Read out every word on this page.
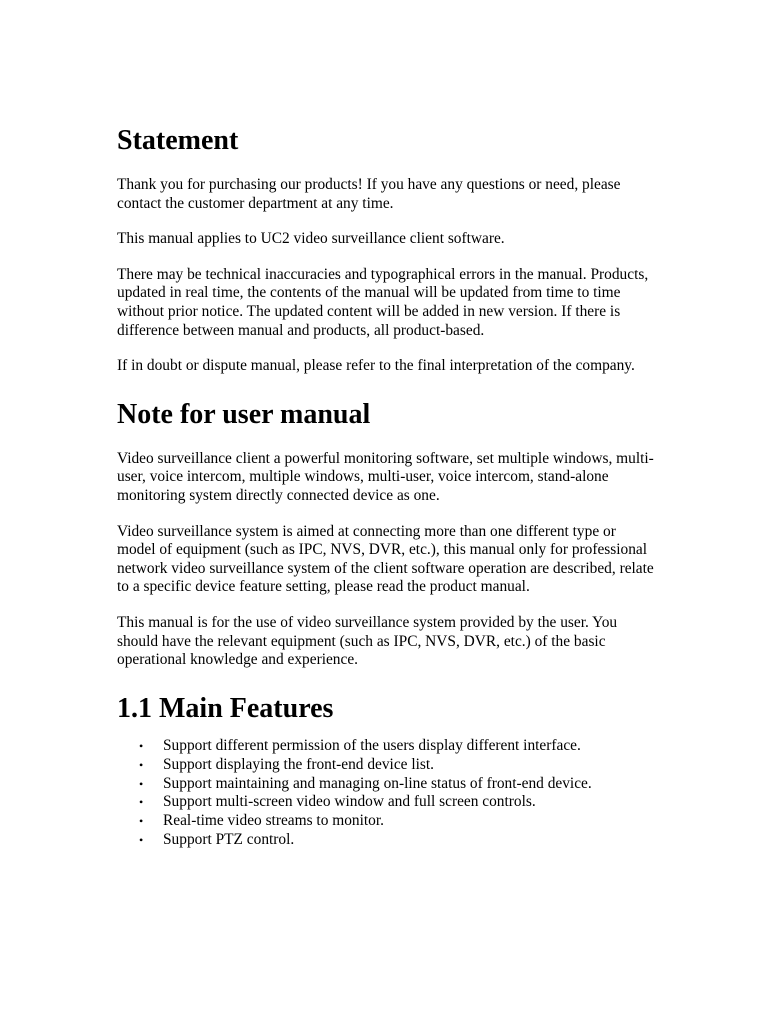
Statement

Thank you for purchasing our products! If you have any questions or need, please contact the customer department at any time.

This manual applies to UC2 video surveillance client software.

There may be technical inaccuracies and typographical errors in the manual. Products, updated in real time, the contents of the manual will be updated from time to time without prior notice. The updated content will be added in new version. If there is difference between manual and products, all product-based.

If in doubt or dispute manual, please refer to the final interpretation of the company.

Note for user manual

Video surveillance client a powerful monitoring software, set multiple windows, multi-user, voice intercom, multiple windows, multi-user, voice intercom, stand-alone monitoring system directly connected device as one.

Video surveillance system is aimed at connecting more than one different type or model of equipment (such as IPC, NVS, DVR, etc.), this manual only for professional network video surveillance system of the client software operation are described, relate to a specific device feature setting, please read the product manual.

This manual is for the use of video surveillance system provided by the user. You should have the relevant equipment (such as IPC, NVS, DVR, etc.) of the basic operational knowledge and experience.

1.1 Main Features
• Support different permission of the users display different interface.
• Support displaying the front-end device list.
• Support maintaining and managing on-line status of front-end device.
• Support multi-screen video window and full screen controls.
• Real-time video streams to monitor.
• Support PTZ control.
